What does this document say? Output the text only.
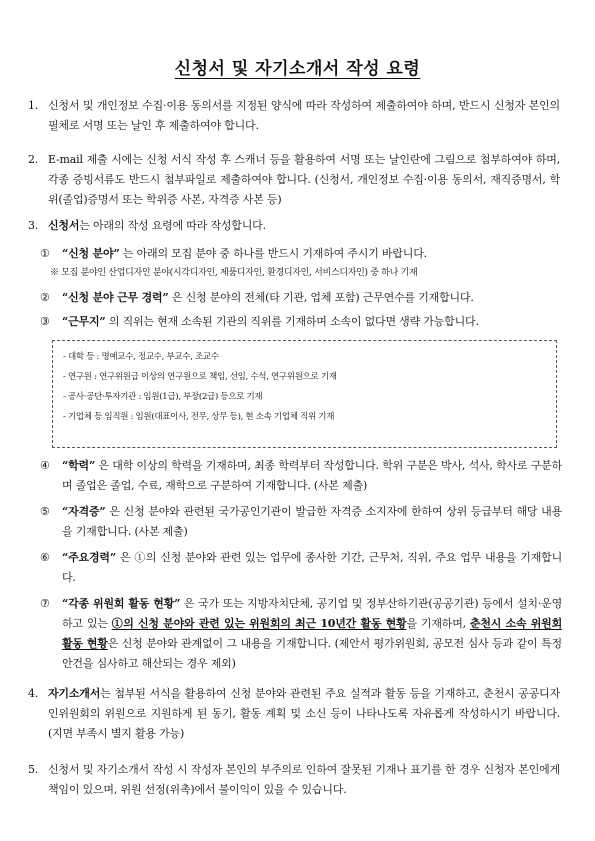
신청서 및 자기소개서 작성 요령
1. 신청서 및 개인정보 수집·이용 동의서를 지정된 양식에 따라 작성하여 제출하여야 하며, 반드시 신청자 본인의 필체로 서명 또는 날인 후 제출하여야 합니다.
2. E-mail 제출 시에는 신청 서식 작성 후 스캐너 등을 활용하여 서명 또는 날인란에 그림으로 첨부하여야 하며, 각종 증빙서류도 반드시 첨부파일로 제출하여야 합니다. (신청서, 개인정보 수집·이용 동의서, 재직증명서, 학위(졸업)증명서 또는 학위증 사본, 자격증 사본 등)
3. 신청서는 아래의 작성 요령에 따라 작성합니다.
① “신청 분야” 는 아래의 모집 분야 중 하나를 반드시 기재하여 주시기 바랍니다.
※ 모집 분야인 산업디자인 분야(시각디자인, 제품디자인, 환경디자인, 서비스디자인) 중 하나 기재
② “신청 분야 근무 경력” 은 신청 분야의 전체(타 기관, 업체 포함) 근무연수를 기재합니다.
③ “근무지” 의 직위는 현재 소속된 기관의 직위를 기재하며 소속이 없다면 생략 가능합니다.
- 대학 등 : 명예교수, 정교수, 부교수, 조교수
- 연구원 : 연구위원급 이상의 연구원으로 책임, 선임, 수석, 연구위원으로 기재
- 공사·공단·투자기관 : 임원(1급), 부장(2급) 등으로 기재
- 기업체 등 임직원 : 임원(대표이사, 전무, 상무 등), 현 소속 기업체 직위 기재
④ “학력” 은 대학 이상의 학력을 기재하며, 최종 학력부터 작성합니다. 학위 구분은 박사, 석사, 학사로 구분하며 졸업은 졸업, 수료, 재학으로 구분하여 기재합니다. (사본 제출)
⑤ “자격증” 은 신청 분야와 관련된 국가공인기관이 발급한 자격증 소지자에 한하여 상위 등급부터 해당 내용을 기재합니다. (사본 제출)
⑥ “주요경력” 은 ①의 신청 분야와 관련 있는 업무에 종사한 기간, 근무처, 직위, 주요 업무 내용을 기재합니다.
⑦ “각종 위원회 활동 현황” 은 국가 또는 지방자치단체, 공기업 및 정부산하기관(공공기관) 등에서 설치·운영하고 있는 ①의 신청 분야와 관련 있는 위원회의 최근 10년간 활동 현황을 기재하며, 춘천시 소속 위원회 활동 현황은 신청 분야와 관계없이 그 내용을 기재합니다. (제안서 평가위원회, 공모전 심사 등과 같이 특정 안건을 심사하고 해산되는 경우 제외)
4. 자기소개서는 첨부된 서식을 활용하여 신청 분야와 관련된 주요 실적과 활동 등을 기재하고, 춘천시 공공디자인위원회의 위원으로 지원하게 된 동기, 활동 계획 및 소신 등이 나타나도록 자유롭게 작성하시기 바랍니다. (지면 부족시 별지 활용 가능)
5. 신청서 및 자기소개서 작성 시 작성자 본인의 부주의로 인하여 잘못된 기재나 표기를 한 경우 신청자 본인에게 책임이 있으며, 위원 선정(위촉)에서 불이익이 있을 수 있습니다.
